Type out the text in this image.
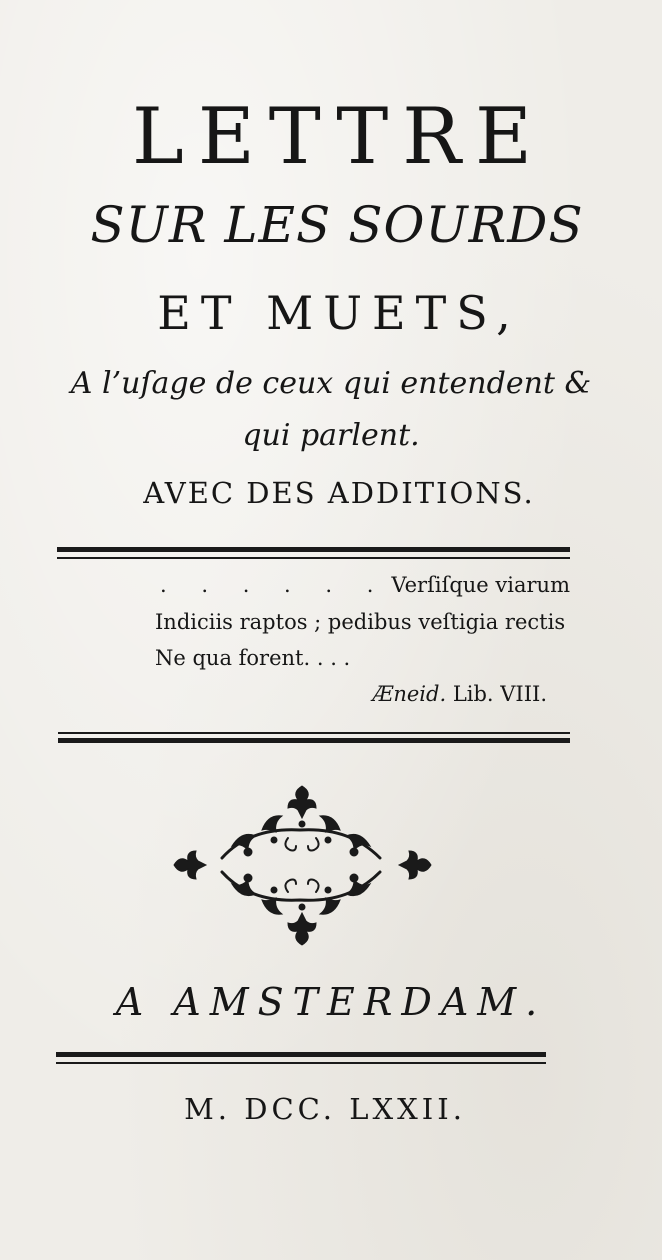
LETTRE

SUR LES SOURDS

ET MUETS,

A l’uſage de ceux qui entendent &

qui parlent.

AVEC DES ADDITIONS.

. . . . . . Verſiſque viarum

Indiciis raptos ; pedibus veſtigia rectis

Ne qua forent. . . .

Æneid. Lib. VIII.

A AMSTERDAM.

M. DCC. LXXII.
